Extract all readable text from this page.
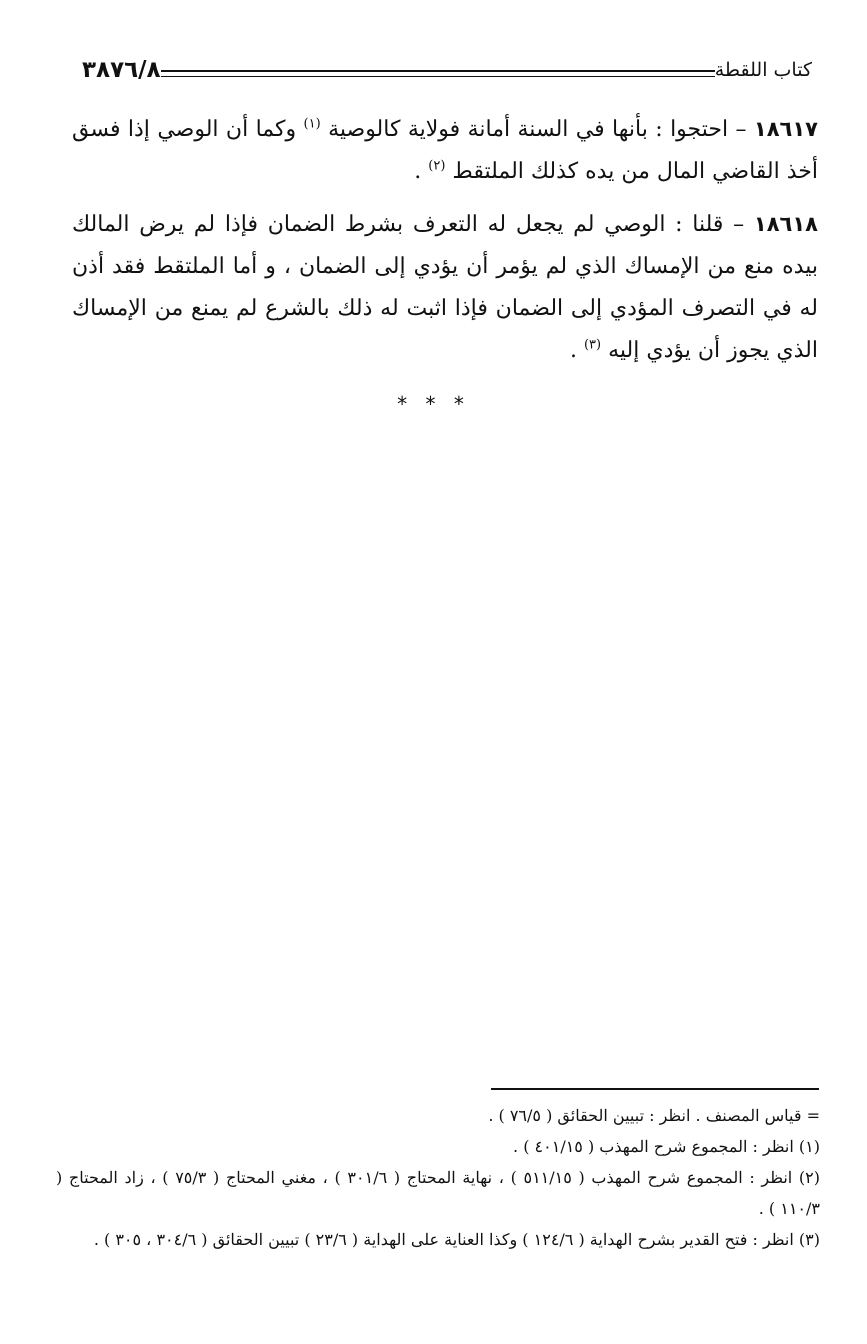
كتاب اللقطة
٣٨٧٦/٨

١٨٦١٧ – احتجوا : بأنها في السنة أمانة فولاية كالوصية $^{(١)}$ وكما أن الوصي إذا فسق أخذ القاضي المال من يده كذلك الملتقط $^{(٢)}$ .

١٨٦١٨ – قلنا : الوصي لم يجعل له التعرف بشرط الضمان فإذا لم يرض المالك بيده منع من الإمساك الذي لم يؤمر أن يؤدي إلى الضمان ، و أما الملتقط فقد أذن له في التصرف المؤدي إلى الضمان فإذا اثبت له ذلك بالشرع لم يمنع من الإمساك الذي يجوز أن يؤدي إليه $^{(٣)}$ .

* * *

= قياس المصنف . انظر : تبيين الحقائق ( ٧٦/٥ ) .

(١) انظر : المجموع شرح المهذب ( ٤٠١/١٥ ) .

(٢) انظر : المجموع شرح المهذب ( ٥١١/١٥ ) ، نهاية المحتاج ( ٣٠١/٦ ) ، مغني المحتاج ( ٧٥/٣ ) ، زاد المحتاج ( ١١٠/٣ ) .

(٣) انظر : فتح القدير بشرح الهداية ( ١٢٤/٦ ) وكذا العناية على الهداية ( ٢٣/٦ ) تبيين الحقائق ( ٣٠٤/٦ ، ٣٠٥ ) .
